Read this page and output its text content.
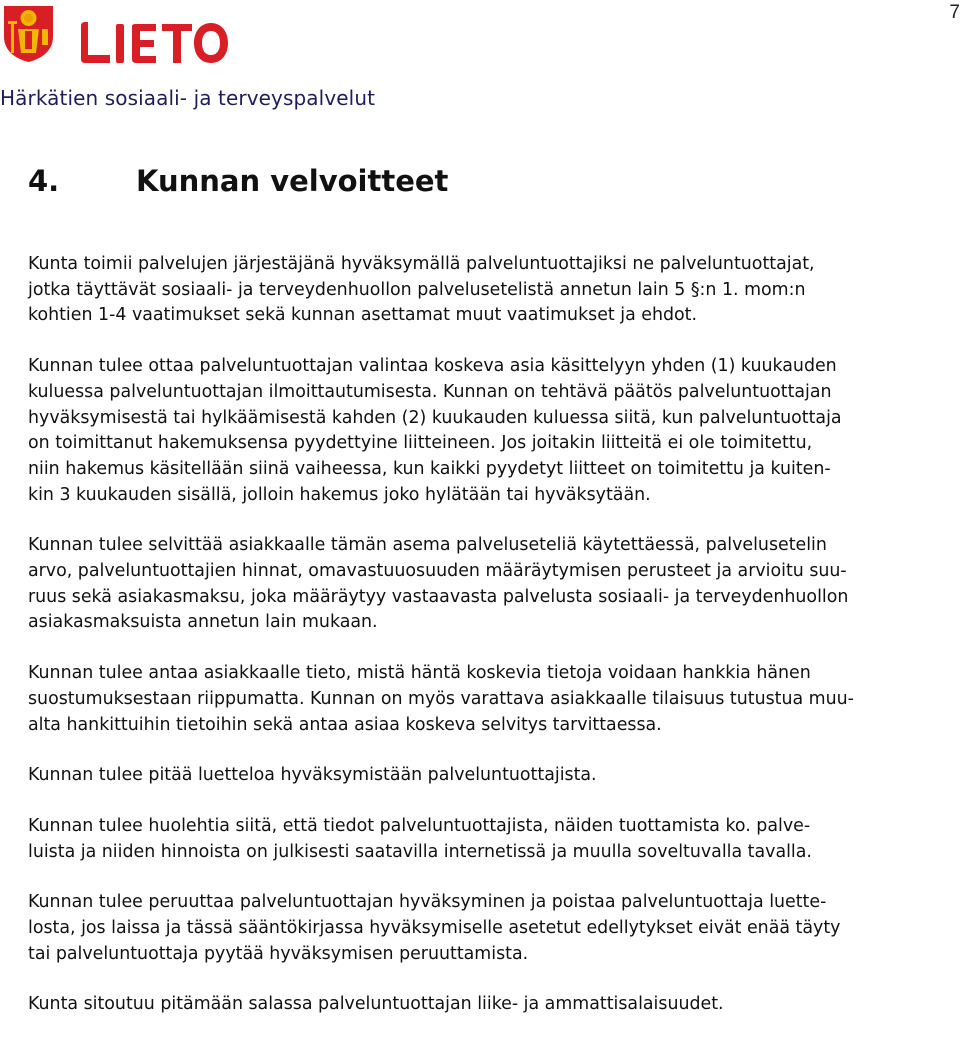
7
Härkätien sosiaali- ja terveyspalvelut
4.	Kunnan velvoitteet

Kunta toimii palvelujen järjestäjänä hyväksymällä palveluntuottajiksi ne palveluntuottajat,
jotka täyttävät sosiaali- ja terveydenhuollon palvelusetelistä annetun lain 5 §:n 1. mom:n
kohtien 1-4 vaatimukset sekä kunnan asettamat muut vaatimukset ja ehdot.

Kunnan tulee ottaa palveluntuottajan valintaa koskeva asia käsittelyyn yhden (1) kuukauden
kuluessa palveluntuottajan ilmoittautumisesta. Kunnan on tehtävä päätös palveluntuottajan
hyväksymisestä tai hylkäämisestä kahden (2) kuukauden kuluessa siitä, kun palveluntuottaja
on toimittanut hakemuksensa pyydettyine liitteineen. Jos joitakin liitteitä ei ole toimitettu,
niin hakemus käsitellään siinä vaiheessa, kun kaikki pyydetyt liitteet on toimitettu ja kuiten-
kin 3 kuukauden sisällä, jolloin hakemus joko hylätään tai hyväksytään.

Kunnan tulee selvittää asiakkaalle tämän asema palveluseteliä käytettäessä, palvelusetelin
arvo, palveluntuottajien hinnat, omavastuuosuuden määräytymisen perusteet ja arvioitu suu-
ruus sekä asiakasmaksu, joka määräytyy vastaavasta palvelusta sosiaali- ja terveydenhuollon
asiakasmaksuista annetun lain mukaan.

Kunnan tulee antaa asiakkaalle tieto, mistä häntä koskevia tietoja voidaan hankkia hänen
suostumuksestaan riippumatta. Kunnan on myös varattava asiakkaalle tilaisuus tutustua muu-
alta hankittuihin tietoihin sekä antaa asiaa koskeva selvitys tarvittaessa.

Kunnan tulee pitää luetteloa hyväksymistään palveluntuottajista.

Kunnan tulee huolehtia siitä, että tiedot palveluntuottajista, näiden tuottamista ko. palve-
luista ja niiden hinnoista on julkisesti saatavilla internetissä ja muulla soveltuvalla tavalla.

Kunnan tulee peruuttaa palveluntuottajan hyväksyminen ja poistaa palveluntuottaja luette-
losta, jos laissa ja tässä sääntökirjassa hyväksymiselle asetetut edellytykset eivät enää täyty
tai palveluntuottaja pyytää hyväksymisen peruuttamista.

Kunta sitoutuu pitämään salassa palveluntuottajan liike- ja ammattisalaisuudet.
